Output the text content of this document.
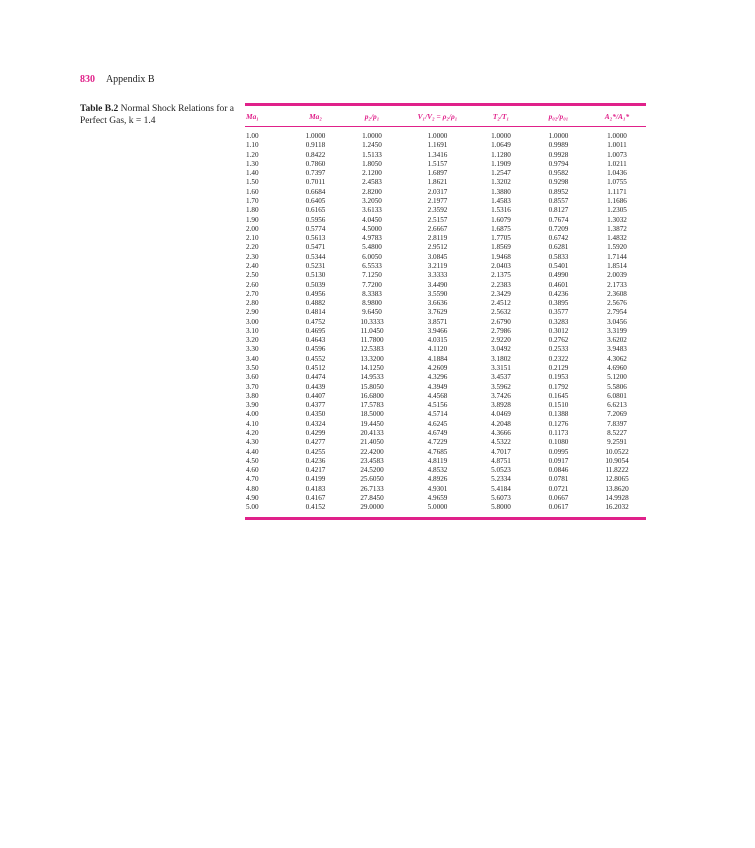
830 Appendix B
Table B.2 Normal Shock Relations for a Perfect Gas, k = 1.4	Ma₁	Ma₂	p₂/p₁	V₁/V₂ = ρ₂/ρ₁	T₂/T₁	p₀₂/p₀₁	A₂*/A₁*

1.00	1.0000	1.0000	1.0000	1.0000	1.0000	1.0000
1.10	0.9118	1.2450	1.1691	1.0649	0.9989	1.0011
1.20	0.8422	1.5133	1.3416	1.1280	0.9928	1.0073
1.30	0.7860	1.8050	1.5157	1.1909	0.9794	1.0211
1.40	0.7397	2.1200	1.6897	1.2547	0.9582	1.0436
1.50	0.7011	2.4583	1.8621	1.3202	0.9298	1.0755
1.60	0.6684	2.8200	2.0317	1.3880	0.8952	1.1171
1.70	0.6405	3.2050	2.1977	1.4583	0.8557	1.1686
1.80	0.6165	3.6133	2.3592	1.5316	0.8127	1.2305
1.90	0.5956	4.0450	2.5157	1.6079	0.7674	1.3032
2.00	0.5774	4.5000	2.6667	1.6875	0.7209	1.3872
2.10	0.5613	4.9783	2.8119	1.7705	0.6742	1.4832
2.20	0.5471	5.4800	2.9512	1.8569	0.6281	1.5920
2.30	0.5344	6.0050	3.0845	1.9468	0.5833	1.7144
2.40	0.5231	6.5533	3.2119	2.0403	0.5401	1.8514
2.50	0.5130	7.1250	3.3333	2.1375	0.4990	2.0039
2.60	0.5039	7.7200	3.4490	2.2383	0.4601	2.1733
2.70	0.4956	8.3383	3.5590	2.3429	0.4236	2.3608
2.80	0.4882	8.9800	3.6636	2.4512	0.3895	2.5676
2.90	0.4814	9.6450	3.7629	2.5632	0.3577	2.7954
3.00	0.4752	10.3333	3.8571	2.6790	0.3283	3.0456
3.10	0.4695	11.0450	3.9466	2.7986	0.3012	3.3199
3.20	0.4643	11.7800	4.0315	2.9220	0.2762	3.6202
3.30	0.4596	12.5383	4.1120	3.0492	0.2533	3.9483
3.40	0.4552	13.3200	4.1884	3.1802	0.2322	4.3062
3.50	0.4512	14.1250	4.2609	3.3151	0.2129	4.6960
3.60	0.4474	14.9533	4.3296	3.4537	0.1953	5.1200
3.70	0.4439	15.8050	4.3949	3.5962	0.1792	5.5806
3.80	0.4407	16.6800	4.4568	3.7426	0.1645	6.0801
3.90	0.4377	17.5783	4.5156	3.8928	0.1510	6.6213
4.00	0.4350	18.5000	4.5714	4.0469	0.1388	7.2069
4.10	0.4324	19.4450	4.6245	4.2048	0.1276	7.8397
4.20	0.4299	20.4133	4.6749	4.3666	0.1173	8.5227
4.30	0.4277	21.4050	4.7229	4.5322	0.1080	9.2591
4.40	0.4255	22.4200	4.7685	4.7017	0.0995	10.0522
4.50	0.4236	23.4583	4.8119	4.8751	0.0917	10.9054
4.60	0.4217	24.5200	4.8532	5.0523	0.0846	11.8222
4.70	0.4199	25.6050	4.8926	5.2334	0.0781	12.8065
4.80	0.4183	26.7133	4.9301	5.4184	0.0721	13.8620
4.90	0.4167	27.8450	4.9659	5.6073	0.0667	14.9928
5.00	0.4152	29.0000	5.0000	5.8000	0.0617	16.2032
